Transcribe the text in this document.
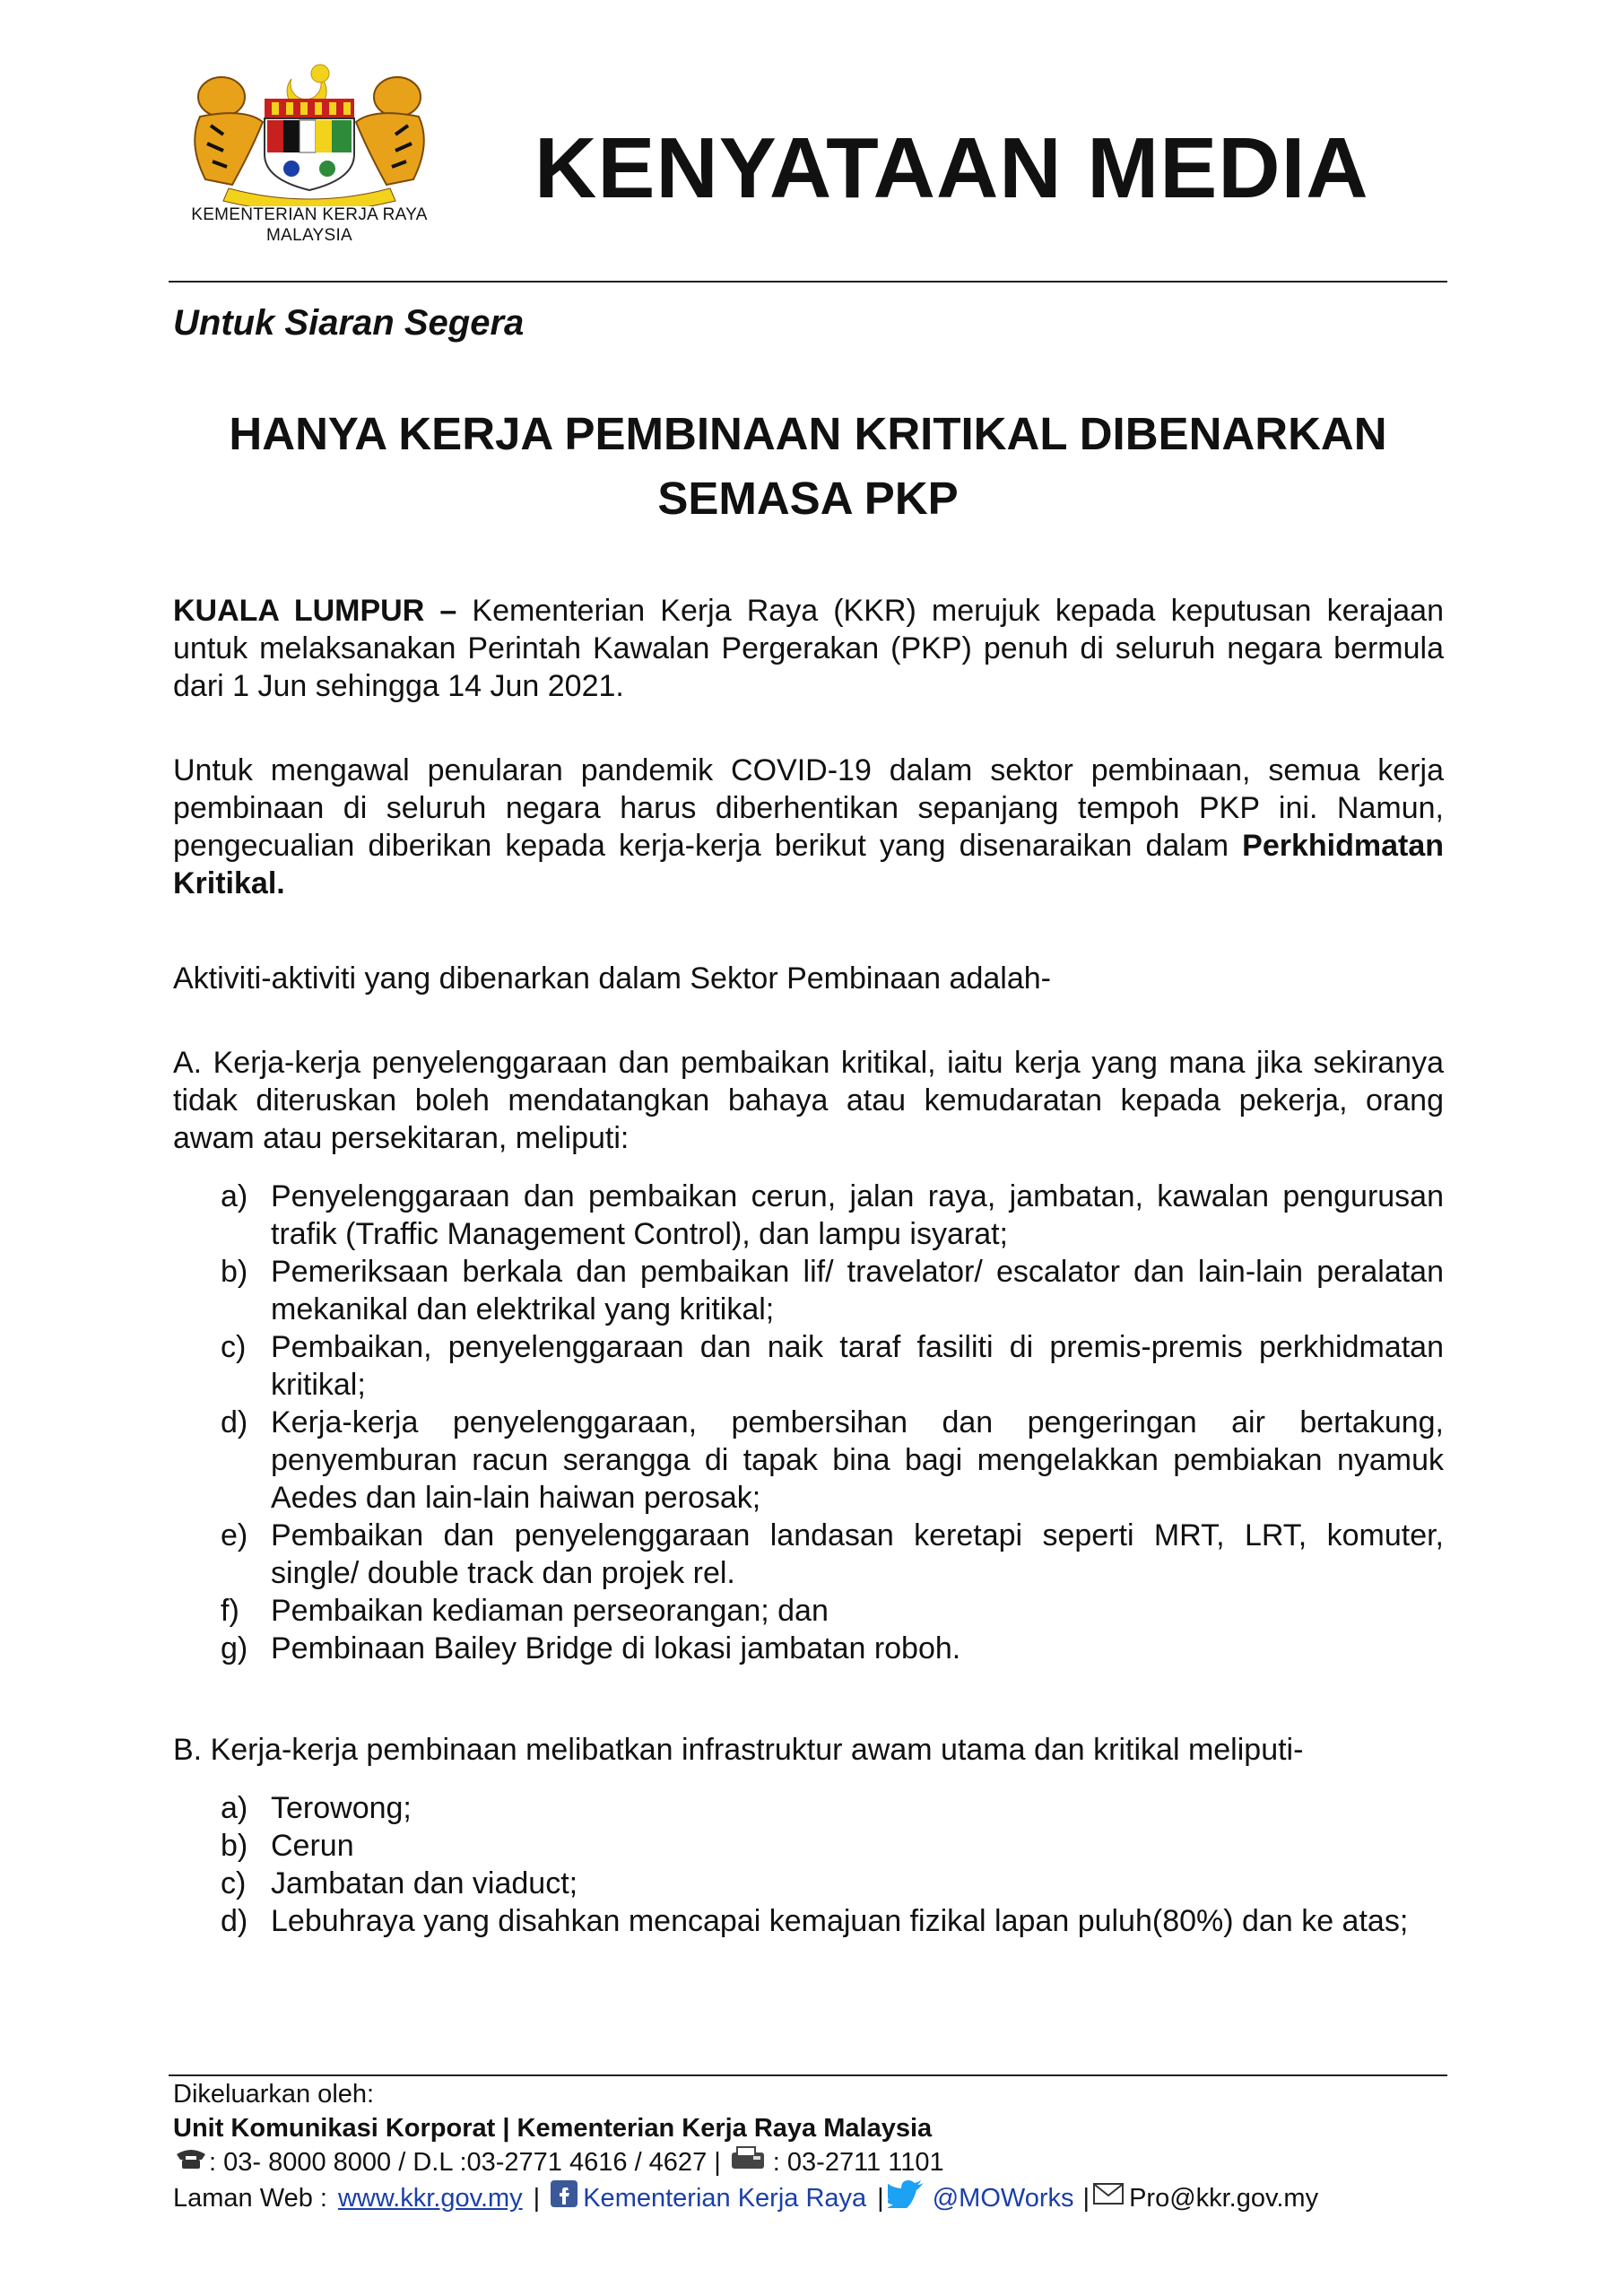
KEMENTERIAN KERJA RAYA
MALAYSIA
KENYATAAN MEDIA
Untuk Siaran Segera
HANYA KERJA PEMBINAAN KRITIKAL DIBENARKAN
SEMASA PKP
KUALA LUMPUR – Kementerian Kerja Raya (KKR) merujuk kepada keputusan kerajaan untuk melaksanakan Perintah Kawalan Pergerakan (PKP) penuh di seluruh negara bermula dari 1 Jun sehingga 14 Jun 2021.
Untuk mengawal penularan pandemik COVID-19 dalam sektor pembinaan, semua kerja pembinaan di seluruh negara harus diberhentikan sepanjang tempoh PKP ini. Namun, pengecualian diberikan kepada kerja-kerja berikut yang disenaraikan dalam Perkhidmatan Kritikal.
Aktiviti-aktiviti yang dibenarkan dalam Sektor Pembinaan adalah-
A. Kerja-kerja penyelenggaraan dan pembaikan kritikal, iaitu kerja yang mana jika sekiranya tidak diteruskan boleh mendatangkan bahaya atau kemudaratan kepada pekerja, orang awam atau persekitaran, meliputi:
a) Penyelenggaraan dan pembaikan cerun, jalan raya, jambatan, kawalan pengurusan trafik (Traffic Management Control), dan lampu isyarat;
b) Pemeriksaan berkala dan pembaikan lif/ travelator/ escalator dan lain-lain peralatan mekanikal dan elektrikal yang kritikal;
c) Pembaikan, penyelenggaraan dan naik taraf fasiliti di premis-premis perkhidmatan kritikal;
d) Kerja-kerja penyelenggaraan, pembersihan dan pengeringan air bertakung, penyemburan racun serangga di tapak bina bagi mengelakkan pembiakan nyamuk Aedes dan lain-lain haiwan perosak;
e) Pembaikan dan penyelenggaraan landasan keretapi seperti MRT, LRT, komuter, single/ double track dan projek rel.
f)	Pembaikan kediaman perseorangan; dan
g) Pembinaan Bailey Bridge di lokasi jambatan roboh.
B. Kerja-kerja pembinaan melibatkan infrastruktur awam utama dan kritikal meliputi-
a) Terowong;
b) Cerun
c) Jambatan dan viaduct;
d) Lebuhraya yang disahkan mencapai kemajuan fizikal lapan puluh(80%) dan ke atas;
Dikeluarkan oleh:
Unit Komunikasi Korporat | Kementerian Kerja Raya Malaysia
: 03- 8000 8000 / D.L :03-2771 4616 / 4627 | : 03-2711 1101
Laman Web : www.kkr.gov.my | Kementerian Kerja Raya | @MOWorks | Pro@kkr.gov.my
